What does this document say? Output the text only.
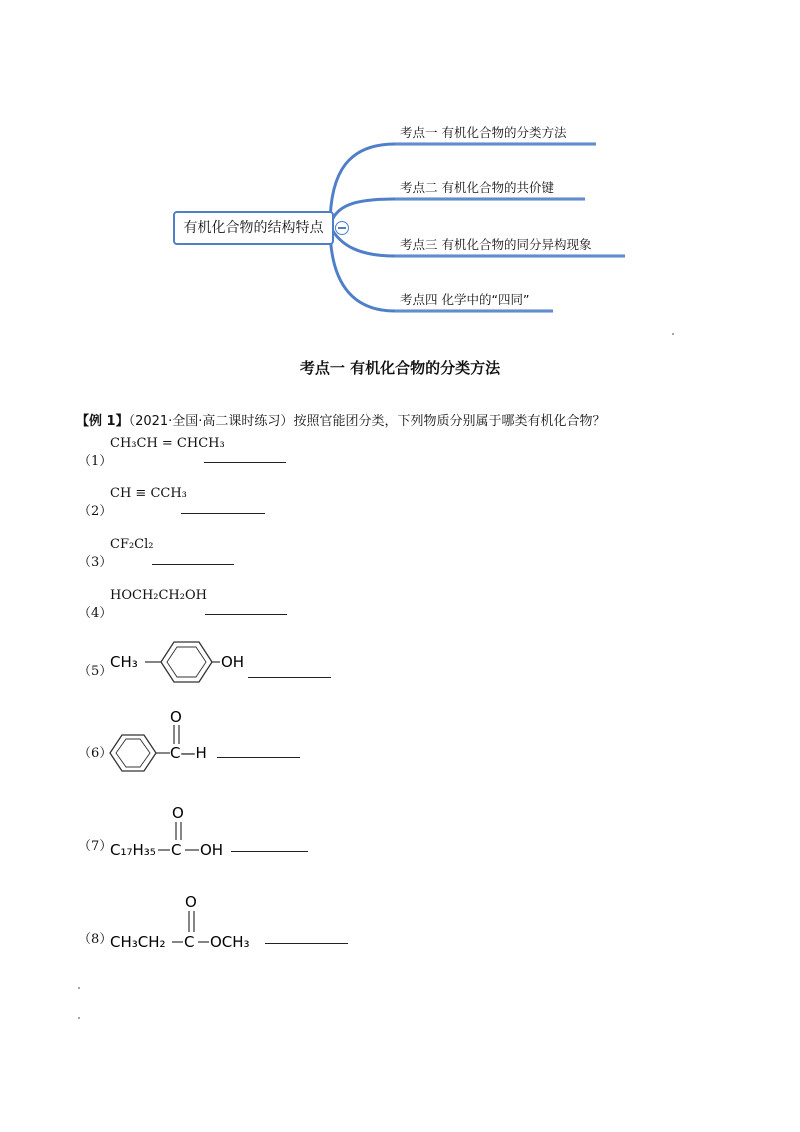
有机化合物的结构特点
考点一 有机化合物的分类方法
考点二 有机化合物的共价键
考点三 有机化合物的同分异构现象
考点四 化学中的“四同”
考点一 有机化合物的分类方法
【例 1】（2021·全国·高二课时练习）按照官能团分类，下列物质分别属于哪类有机化合物？
（1）
CH₃CH = CHCH₃
（2）
CH ≡ CCH₃
（3）
CF₂Cl₂
（4）
HOCH₂CH₂OH
（5）
CH₃	OH
（6）
O
C—H
（7）
C₁₇H₃₅
O
C OH
（8）
CH₃CH₂
O
C OCH₃
